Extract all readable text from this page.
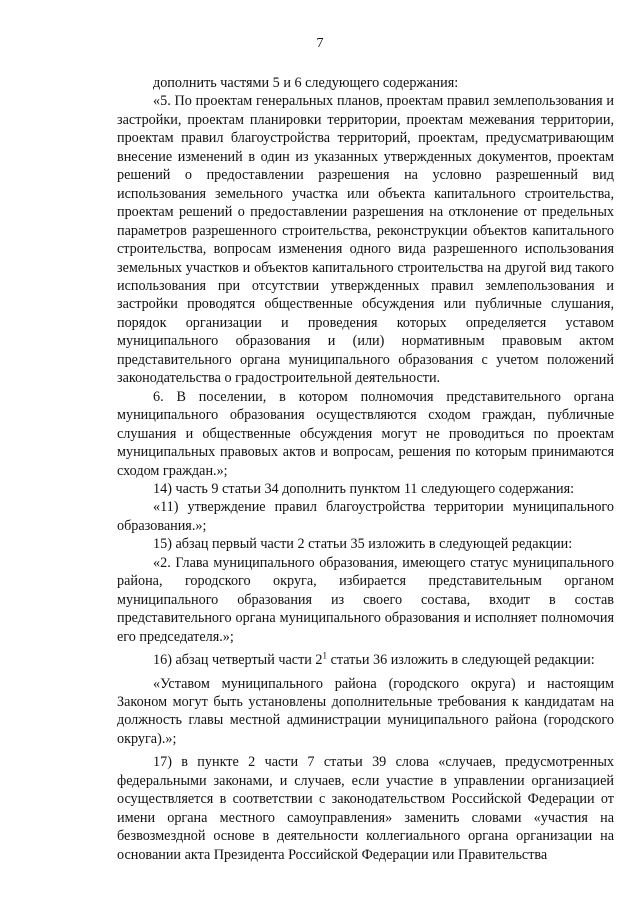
7

дополнить частями 5 и 6 следующего содержания:

«5. По проектам генеральных планов, проектам правил землепользования и застройки, проектам планировки территории, проектам межевания территории, проектам правил благоустройства территорий, проектам, предусматривающим внесение изменений в один из указанных утвержденных документов, проектам решений о предоставлении разрешения на условно разрешенный вид использования земельного участка или объекта капитального строительства, проектам решений о предоставлении разрешения на отклонение от предельных параметров разрешенного строительства, реконструкции объектов капитального строительства, вопросам изменения одного вида разрешенного использования земельных участков и объектов капитального строительства на другой вид такого использования при отсутствии утвержденных правил землепользования и застройки проводятся общественные обсуждения или публичные слушания, порядок организации и проведения которых определяется уставом муниципального образования и (или) нормативным правовым актом представительного органа муниципального образования с учетом положений законодательства о градостроительной деятельности.

6. В поселении, в котором полномочия представительного органа муниципального образования осуществляются сходом граждан, публичные слушания и общественные обсуждения могут не проводиться по проектам муниципальных правовых актов и вопросам, решения по которым принимаются сходом граждан.»;

14) часть 9 статьи 34 дополнить пунктом 11 следующего содержания:

«11) утверждение правил благоустройства территории муниципального образования.»;

15) абзац первый части 2 статьи 35 изложить в следующей редакции:

«2. Глава муниципального образования, имеющего статус муниципального района, городского округа, избирается представительным органом муниципального образования из своего состава, входит в состав представительного органа муниципального образования и исполняет полномочия его председателя.»;

16) абзац четвертый части $2^1$ статьи 36 изложить в следующей редакции:

«Уставом муниципального района (городского округа) и настоящим Законом могут быть установлены дополнительные требования к кандидатам на должность главы местной администрации муниципального района (городского округа).»;

17) в пункте 2 части 7 статьи 39 слова «случаев, предусмотренных федеральными законами, и случаев, если участие в управлении организацией осуществляется в соответствии с законодательством Российской Федерации от имени органа местного самоуправления» заменить словами «участия на безвозмездной основе в деятельности коллегиального органа организации на основании акта Президента Российской Федерации или Правительства
